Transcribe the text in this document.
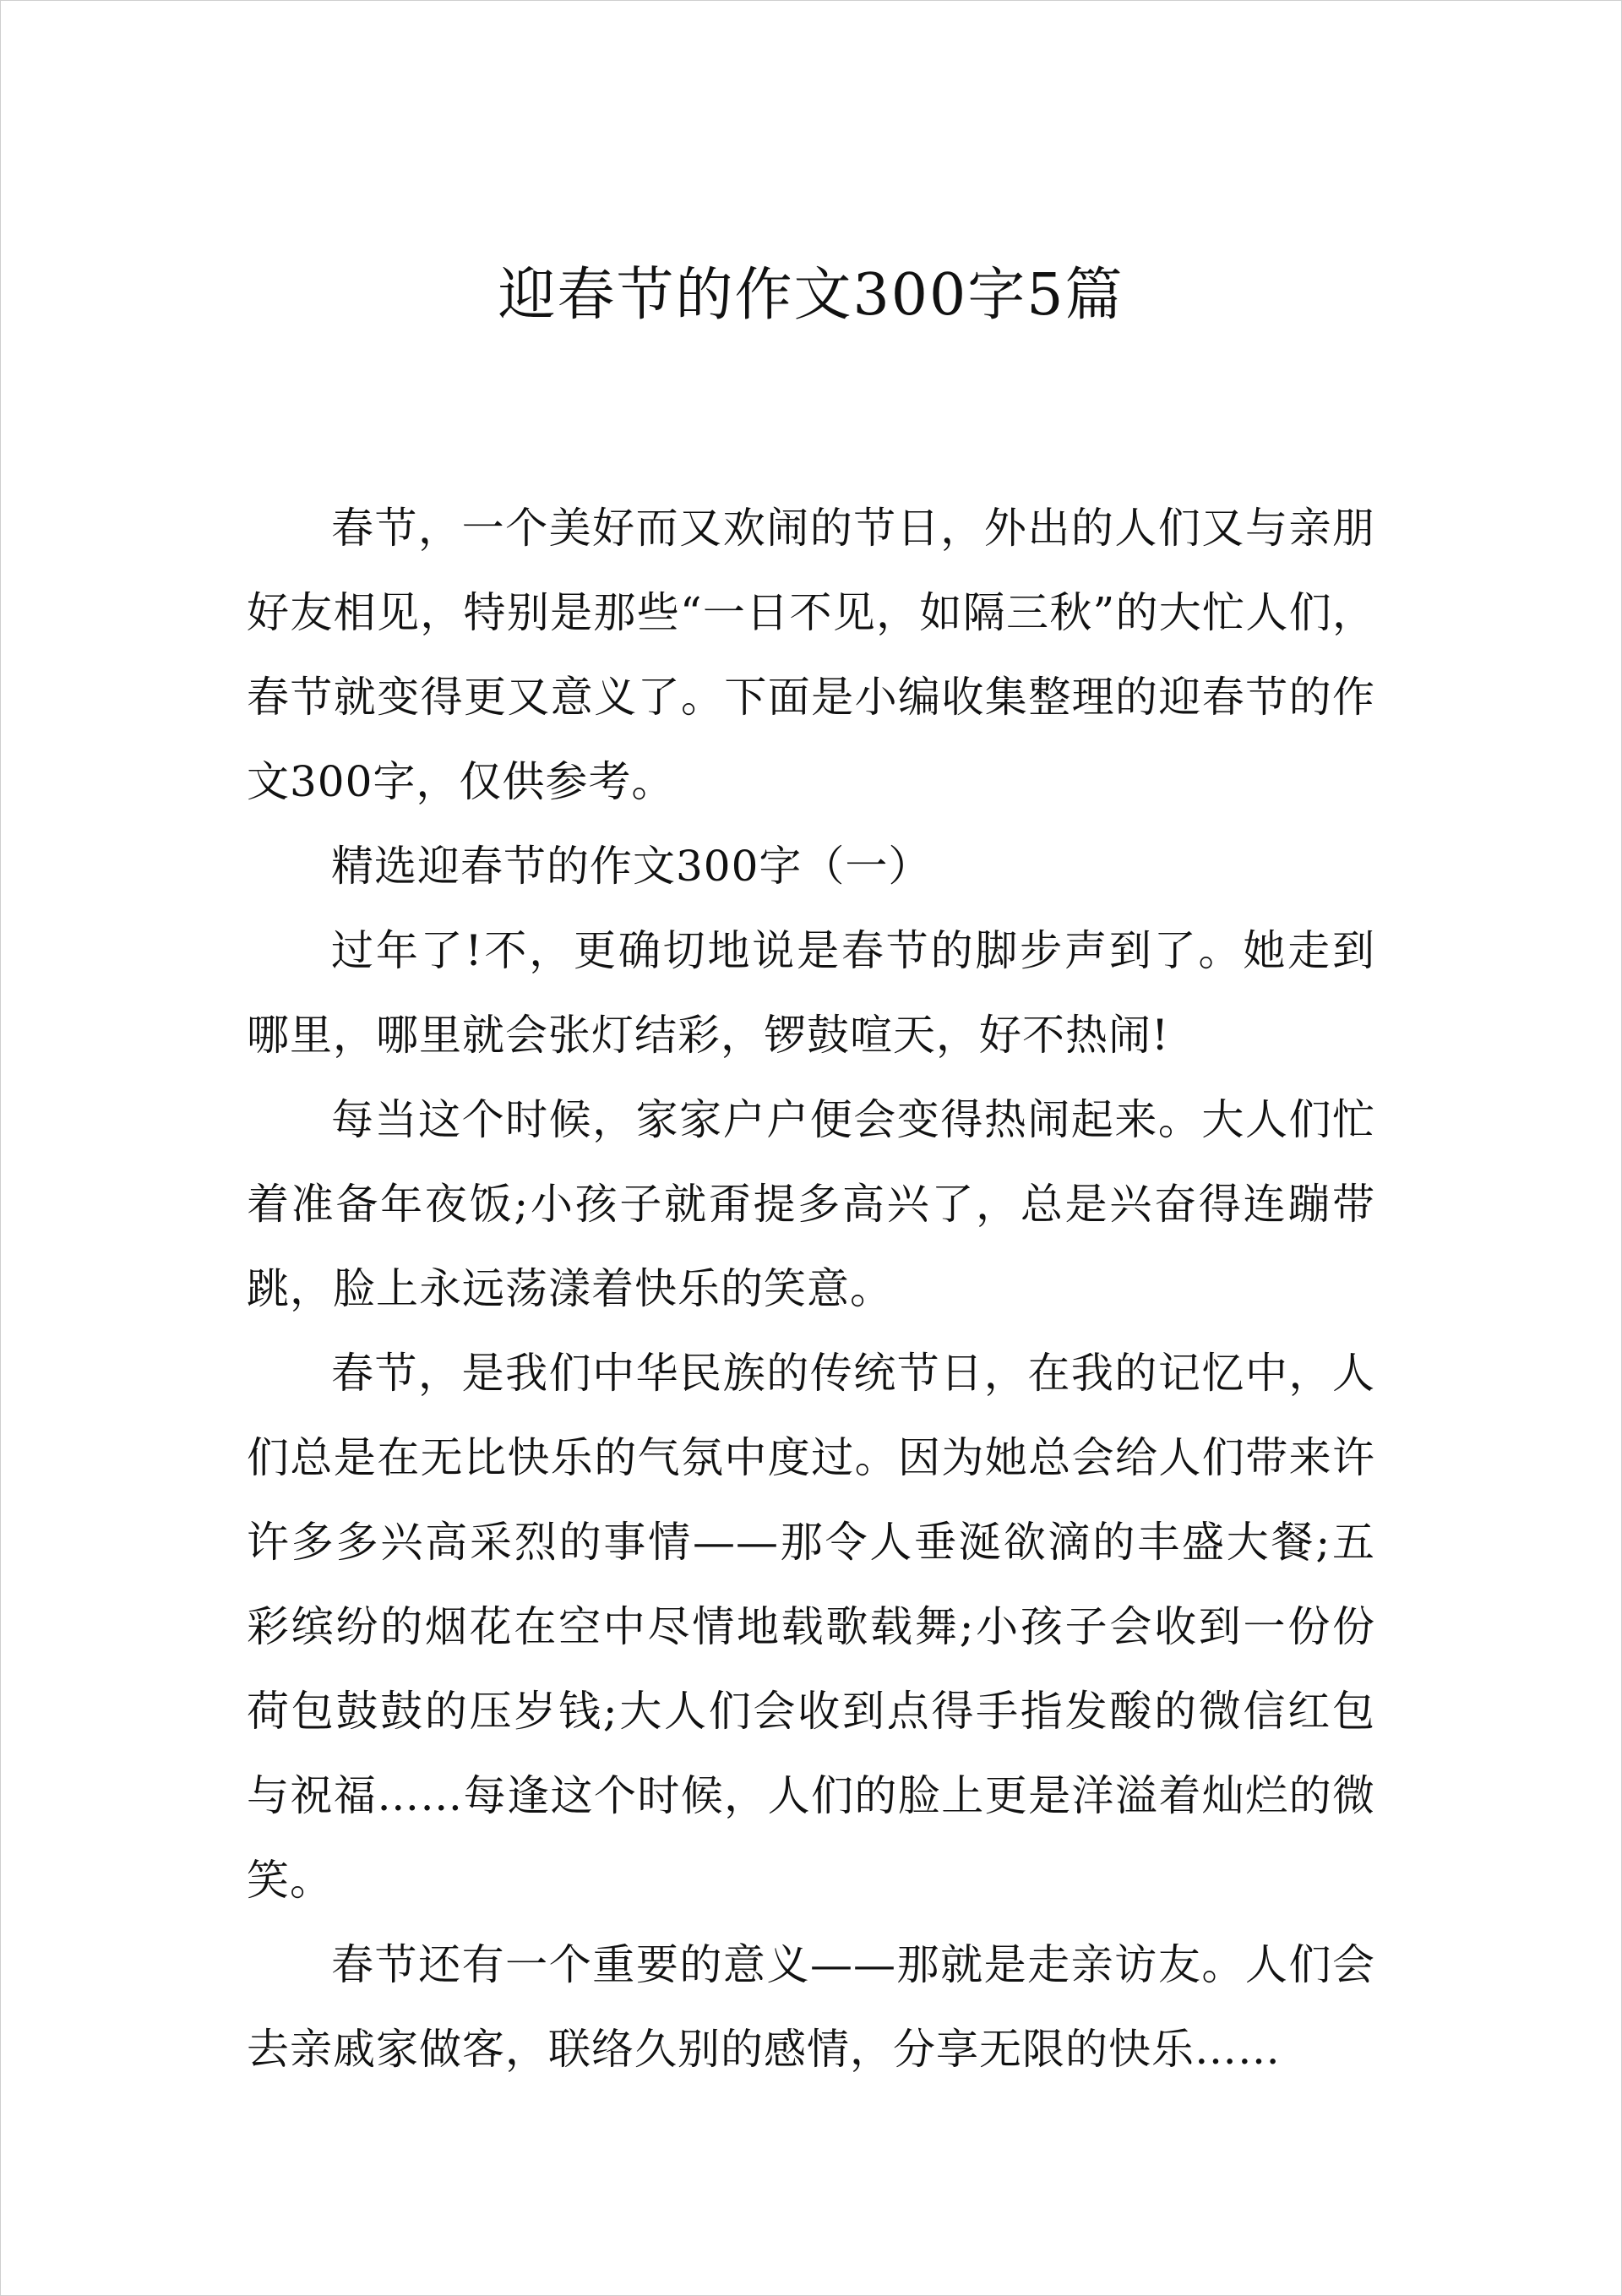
迎春节的作文300字5篇

春节，一个美好而又欢闹的节日，外出的人们又与亲朋好友相见，特别是那些“一日不见，如隔三秋”的大忙人们，春节就变得更又意义了。下面是小编收集整理的迎春节的作文300字，仅供参考。

精选迎春节的作文300字（一）

过年了!不，更确切地说是春节的脚步声到了。她走到哪里，哪里就会张灯结彩，锣鼓喧天，好不热闹!

每当这个时候，家家户户便会变得热闹起来。大人们忙着准备年夜饭;小孩子就甭提多高兴了，总是兴奋得连蹦带跳，脸上永远荡漾着快乐的笑意。

春节，是我们中华民族的传统节日，在我的记忆中，人们总是在无比快乐的气氛中度过。因为她总会给人们带来许许多多兴高采烈的事情——那令人垂涎欲滴的丰盛大餐;五彩缤纷的烟花在空中尽情地载歌载舞;小孩子会收到一份份荷包鼓鼓的压岁钱;大人们会收到点得手指发酸的微信红包与祝福……每逢这个时候，人们的脸上更是洋溢着灿烂的微笑。

春节还有一个重要的意义——那就是走亲访友。人们会去亲戚家做客，联络久别的感情，分享无限的快乐……
